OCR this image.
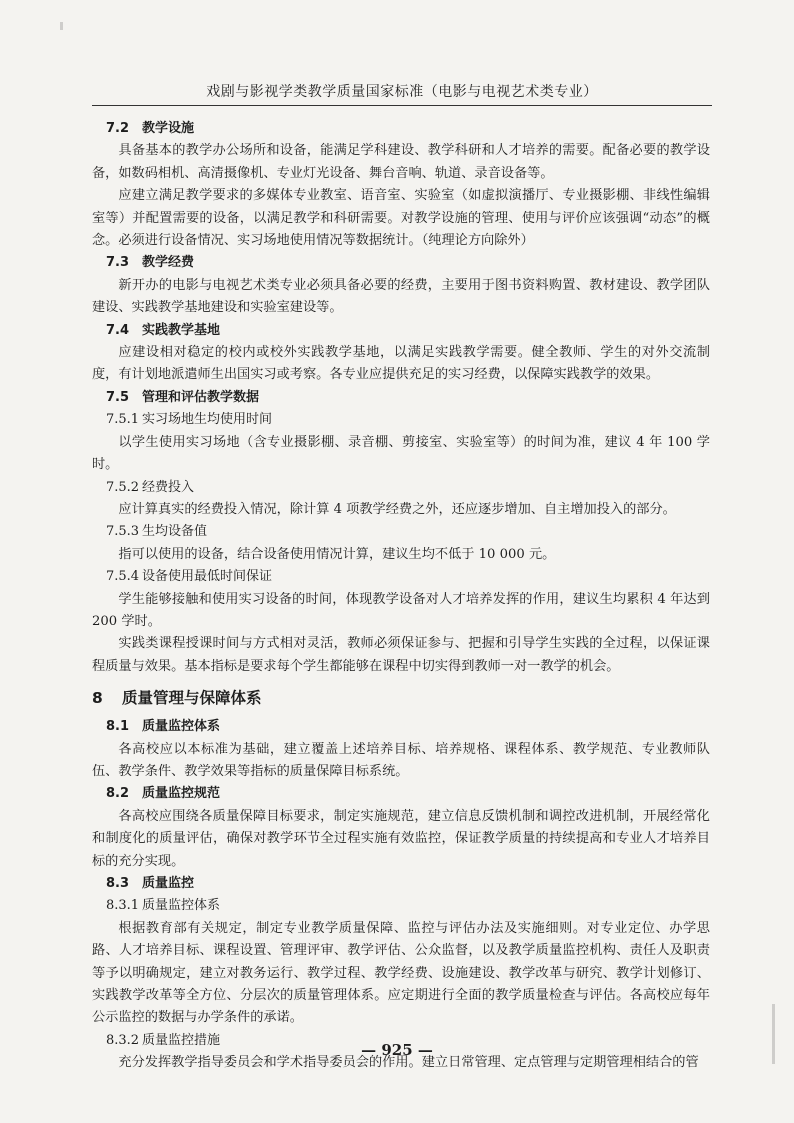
戏剧与影视学类教学质量国家标准（电影与电视艺术类专业）
7.2 教学设施

具备基本的教学办公场所和设备，能满足学科建设、教学科研和人才培养的需要。配备必要的教学设备，如数码相机、高清摄像机、专业灯光设备、舞台音响、轨道、录音设备等。

应建立满足教学要求的多媒体专业教室、语音室、实验室（如虚拟演播厅、专业摄影棚、非线性编辑室等）并配置需要的设备，以满足教学和科研需要。对教学设施的管理、使用与评价应该强调“动态”的概念。必须进行设备情况、实习场地使用情况等数据统计。（纯理论方向除外）

7.3 教学经费

新开办的电影与电视艺术类专业必须具备必要的经费，主要用于图书资料购置、教材建设、教学团队建设、实践教学基地建设和实验室建设等。

7.4 实践教学基地

应建设相对稳定的校内或校外实践教学基地，以满足实践教学需要。健全教师、学生的对外交流制度，有计划地派遣师生出国实习或考察。各专业应提供充足的实习经费，以保障实践教学的效果。

7.5 管理和评估教学数据
7.5.1 实习场地生均使用时间

以学生使用实习场地（含专业摄影棚、录音棚、剪接室、实验室等）的时间为准，建议 4 年 100 学时。

7.5.2 经费投入

应计算真实的经费投入情况，除计算 4 项教学经费之外，还应逐步增加、自主增加投入的部分。

7.5.3 生均设备值

指可以使用的设备，结合设备使用情况计算，建议生均不低于 10 000 元。

7.5.4 设备使用最低时间保证

学生能够接触和使用实习设备的时间，体现教学设备对人才培养发挥的作用，建议生均累积 4 年达到 200 学时。

实践类课程授课时间与方式相对灵活，教师必须保证参与、把握和引导学生实践的全过程，以保证课程质量与效果。基本指标是要求每个学生都能够在课程中切实得到教师一对一教学的机会。

8 质量管理与保障体系
8.1 质量监控体系

各高校应以本标准为基础，建立覆盖上述培养目标、培养规格、课程体系、教学规范、专业教师队伍、教学条件、教学效果等指标的质量保障目标系统。

8.2 质量监控规范

各高校应围绕各质量保障目标要求，制定实施规范，建立信息反馈机制和调控改进机制，开展经常化和制度化的质量评估，确保对教学环节全过程实施有效监控，保证教学质量的持续提高和专业人才培养目标的充分实现。

8.3 质量监控
8.3.1 质量监控体系

根据教育部有关规定，制定专业教学质量保障、监控与评估办法及实施细则。对专业定位、办学思路、人才培养目标、课程设置、管理评审、教学评估、公众监督，以及教学质量监控机构、责任人及职责等予以明确规定，建立对教务运行、教学过程、教学经费、设施建设、教学改革与研究、教学计划修订、实践教学改革等全方位、分层次的质量管理体系。应定期进行全面的教学质量检查与评估。各高校应每年公示监控的数据与办学条件的承诺。

8.3.2 质量监控措施

充分发挥教学指导委员会和学术指导委员会的作用。建立日常管理、定点管理与定期管理相结合的管

— 925 —
